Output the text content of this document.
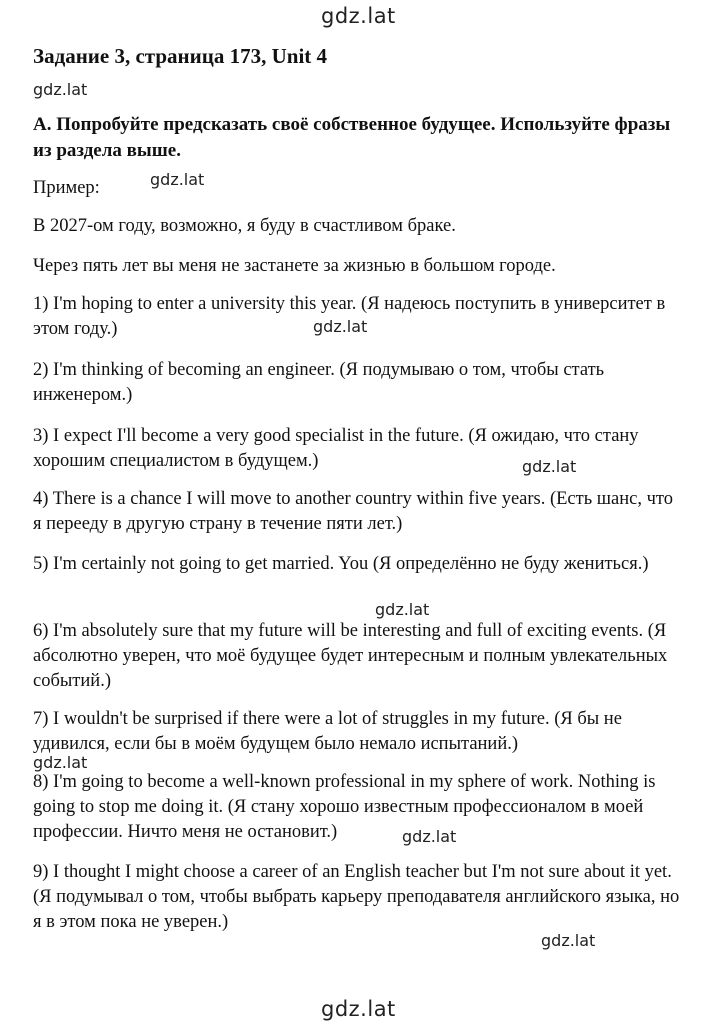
gdz.lat
gdz.lat
gdz.lat
gdz.lat
gdz.lat
gdz.lat
gdz.lat
gdz.lat
gdz.lat
gdz.lat
Задание 3, страница 173, Unit 4

A. Попробуйте предсказать своё собственное будущее. Используйте фразы из раздела выше.

Пример:

В 2027-ом году, возможно, я буду в счастливом браке.

Через пять лет вы меня не застанете за жизнью в большом городе.

1) I'm hoping to enter a university this year. (Я надеюсь поступить в университет в этом году.)

2) I'm thinking of becoming an engineer. (Я подумываю о том, чтобы стать инженером.)

3) I expect I'll become a very good specialist in the future. (Я ожидаю, что стану хорошим специалистом в будущем.)

4) There is a chance I will move to another country within five years. (Есть шанс, что я перееду в другую страну в течение пяти лет.)

5) I'm certainly not going to get married. You (Я определённо не буду жениться.)

6) I'm absolutely sure that my future will be interesting and full of exciting events. (Я абсолютно уверен, что моё будущее будет интересным и полным увлекательных событий.)

7) I wouldn't be surprised if there were a lot of struggles in my future. (Я бы не удивился, если бы в моём будущем было немало испытаний.)

8) I'm going to become a well-known professional in my sphere of work. Nothing is going to stop me doing it. (Я стану хорошо известным профессионалом в моей профессии. Ничто меня не остановит.)

9) I thought I might choose a career of an English teacher but I'm not sure about it yet. (Я подумывал о том, чтобы выбрать карьеру преподавателя английского языка, но я в этом пока не уверен.)
